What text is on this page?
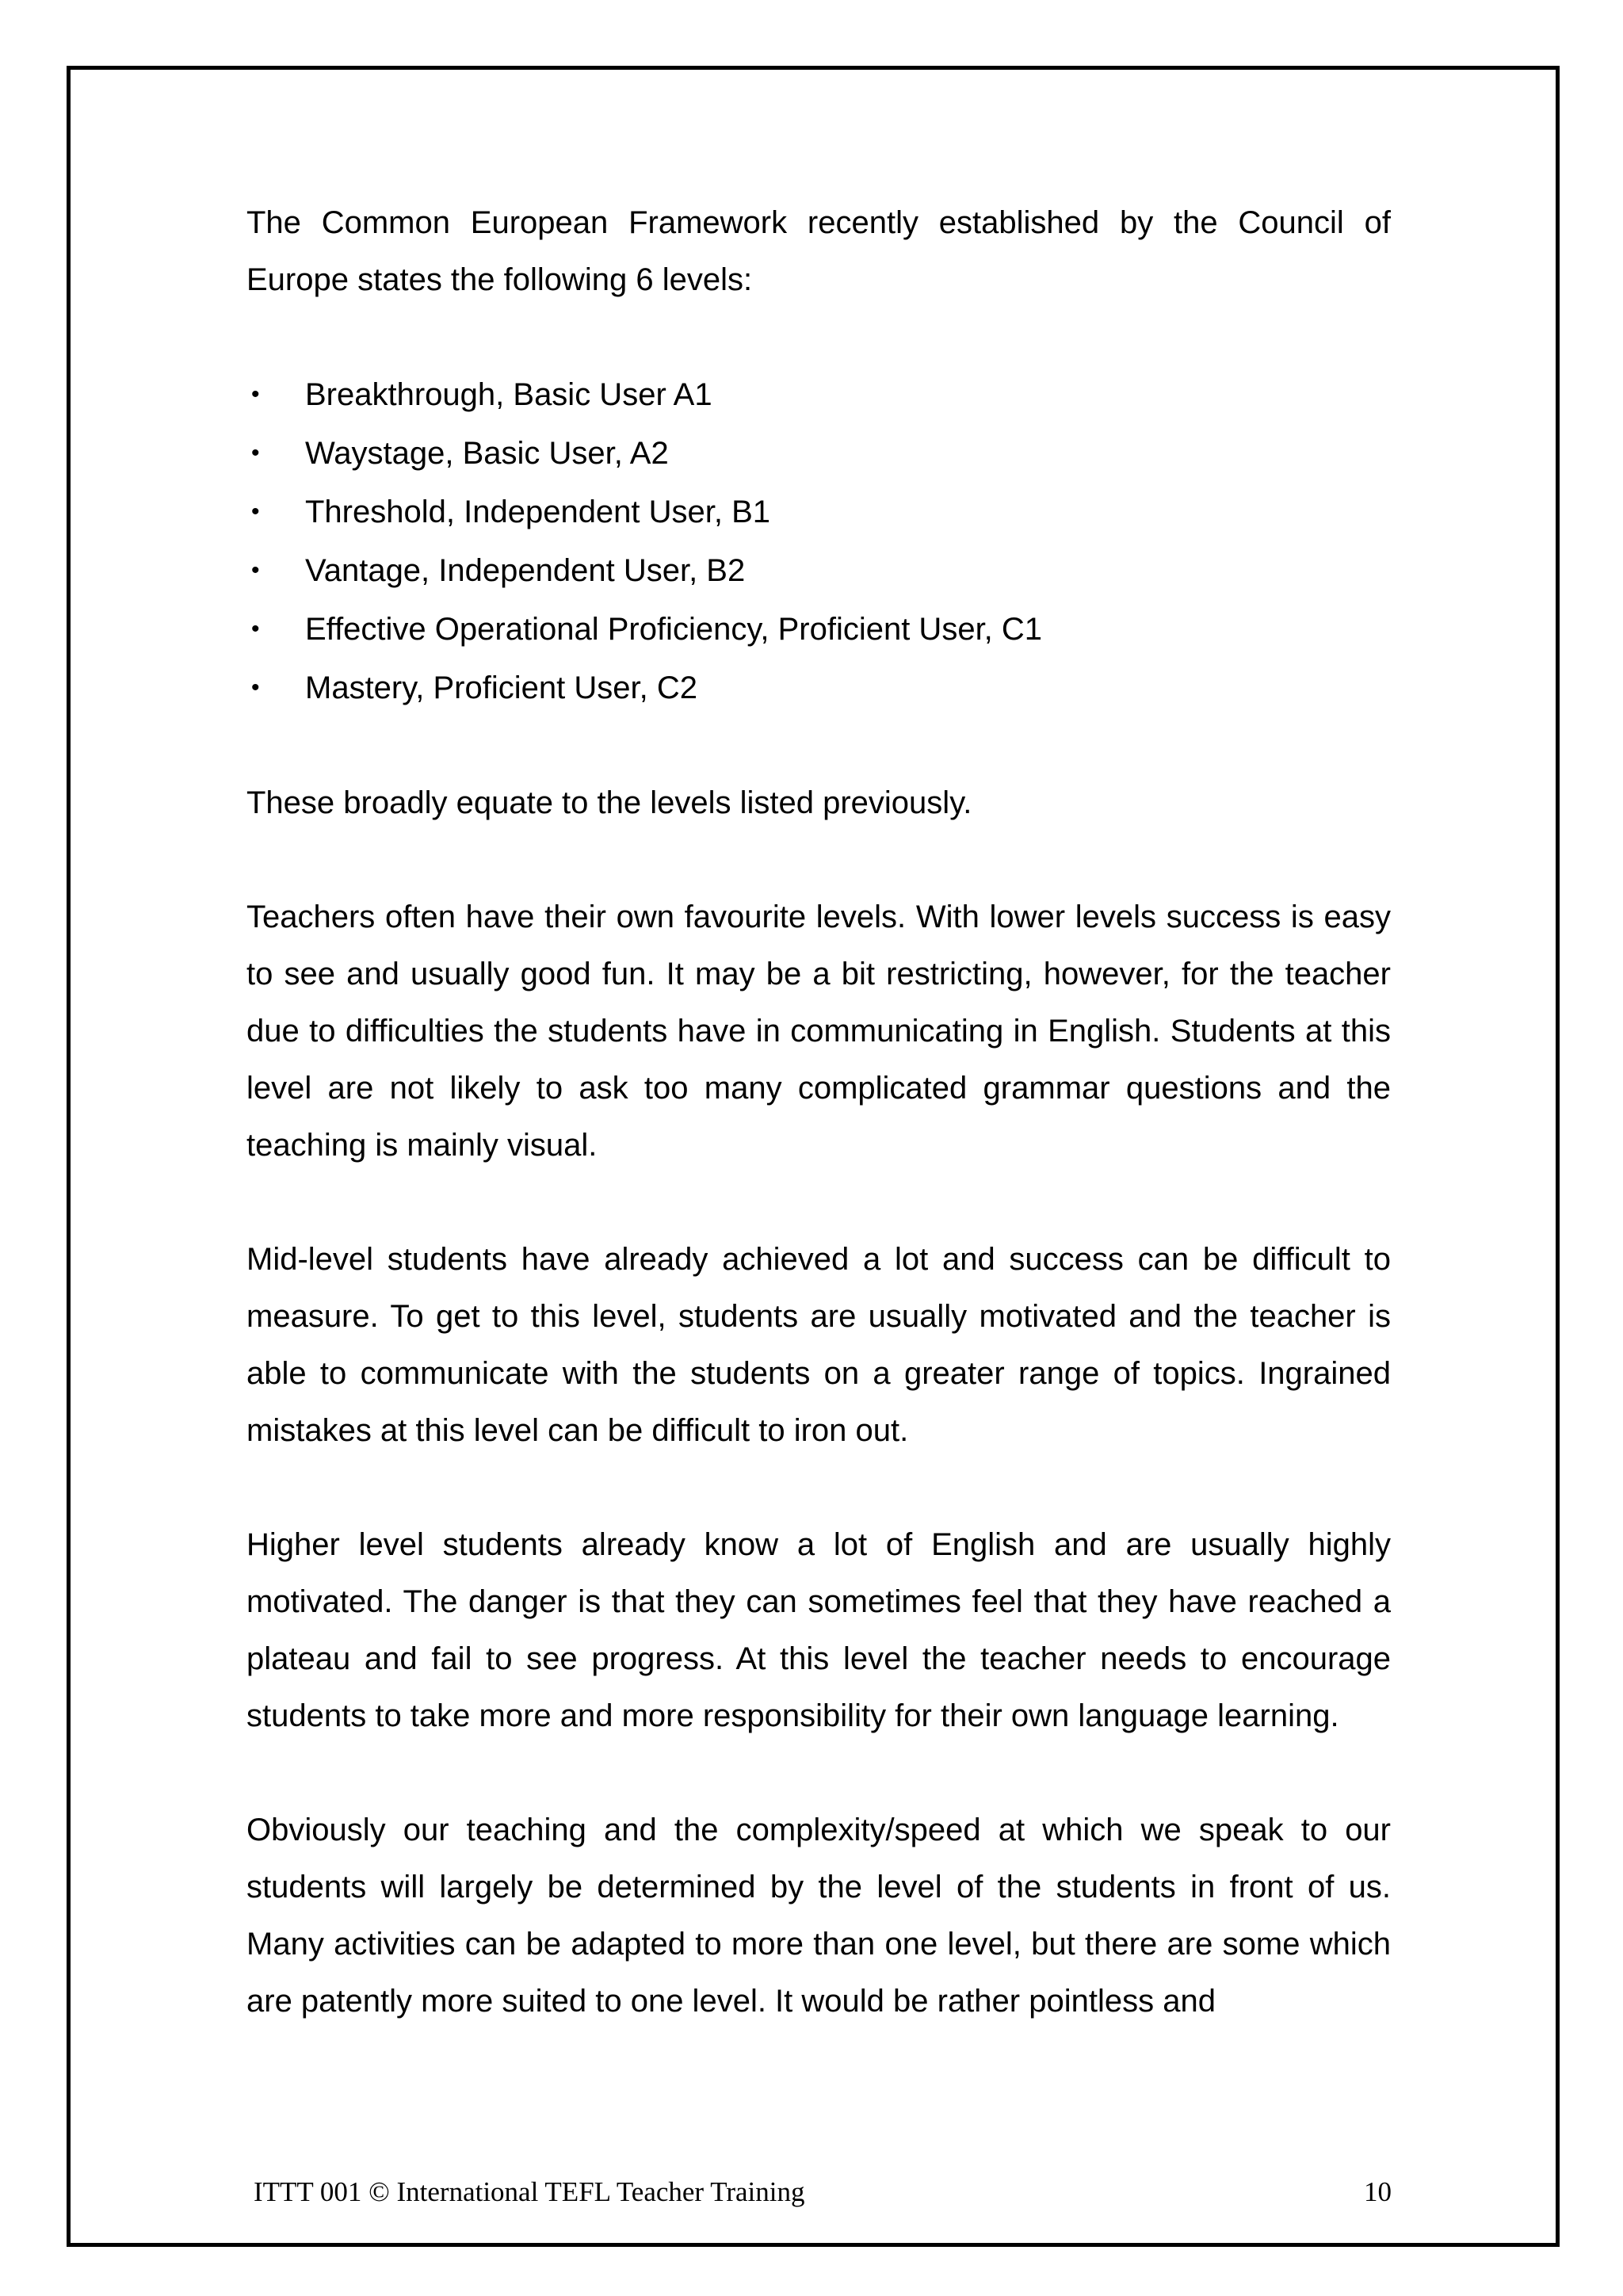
The Common European Framework recently established by the Council of Europe states the following 6 levels:

• Breakthrough, Basic User A1
• Waystage, Basic User, A2
• Threshold, Independent User, B1
• Vantage, Independent User, B2
• Effective Operational Proficiency, Proficient User, C1
• Mastery, Proficient User, C2

These broadly equate to the levels listed previously.

Teachers often have their own favourite levels. With lower levels success is easy to see and usually good fun. It may be a bit restricting, however, for the teacher due to difficulties the students have in communicating in English. Students at this level are not likely to ask too many complicated grammar questions and the teaching is mainly visual.

Mid-level students have already achieved a lot and success can be difficult to measure. To get to this level, students are usually motivated and the teacher is able to communicate with the students on a greater range of topics. Ingrained mistakes at this level can be difficult to iron out.

Higher level students already know a lot of English and are usually highly motivated. The danger is that they can sometimes feel that they have reached a plateau and fail to see progress. At this level the teacher needs to encourage students to take more and more responsibility for their own language learning.

Obviously our teaching and the complexity/speed at which we speak to our students will largely be determined by the level of the students in front of us. Many activities can be adapted to more than one level, but there are some which are patently more suited to one level. It would be rather pointless and

ITTT 001 © International TEFL Teacher Training	10
